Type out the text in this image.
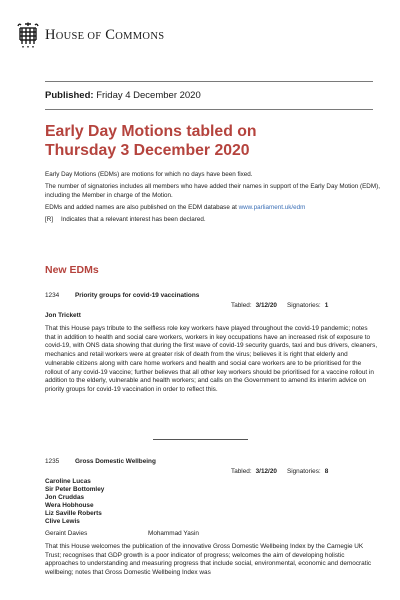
HOUSE OF COMMONS
Published: Friday 4 December 2020
Early Day Motions tabled on
Thursday 3 December 2020

Early Day Motions (EDMs) are motions for which no days have been fixed.

The number of signatories includes all members who have added their names in support of the Early Day Motion (EDM), including the Member in charge of the Motion.

EDMs and added names are also published on the EDM database at www.parliament.uk/edm

[R] Indicates that a relevant interest has been declared.

New EDMs
1234 Priority groups for covid-19 vaccinations
Tabled: 3/12/20 Signatories: 1
Jon Trickett
That this House pays tribute to the selfless role key workers have played throughout the covid-19 pandemic; notes that in addition to health and social care workers, workers in key occupations have an increased risk of exposure to covid-19, with ONS data showing that during the first wave of covid-19 security guards, taxi and bus drivers, cleaners, mechanics and retail workers were at greater risk of death from the virus; believes it is right that elderly and vulnerable citizens along with care home workers and health and social care workers are to be prioritised for the rollout of any covid-19 vaccine; further believes that all other key workers should be prioritised for a vaccine rollout in addition to the elderly, vulnerable and health workers; and calls on the Government to amend its interim advice on priority groups for covid-19 vaccination in order to reflect this.
1235 Gross Domestic Wellbeing
Tabled: 3/12/20 Signatories: 8
Caroline Lucas
Sir Peter Bottomley
Jon Cruddas
Wera Hobhouse
Liz Saville Roberts
Clive Lewis
Geraint Davies	Mohammad Yasin
That this House welcomes the publication of the innovative Gross Domestic Wellbeing Index by the Carnegie UK Trust; recognises that GDP growth is a poor indicator of progress; welcomes the aim of developing holistic approaches to understanding and measuring progress that include social, environmental, economic and democratic wellbeing; notes that Gross Domestic Wellbeing Index was
